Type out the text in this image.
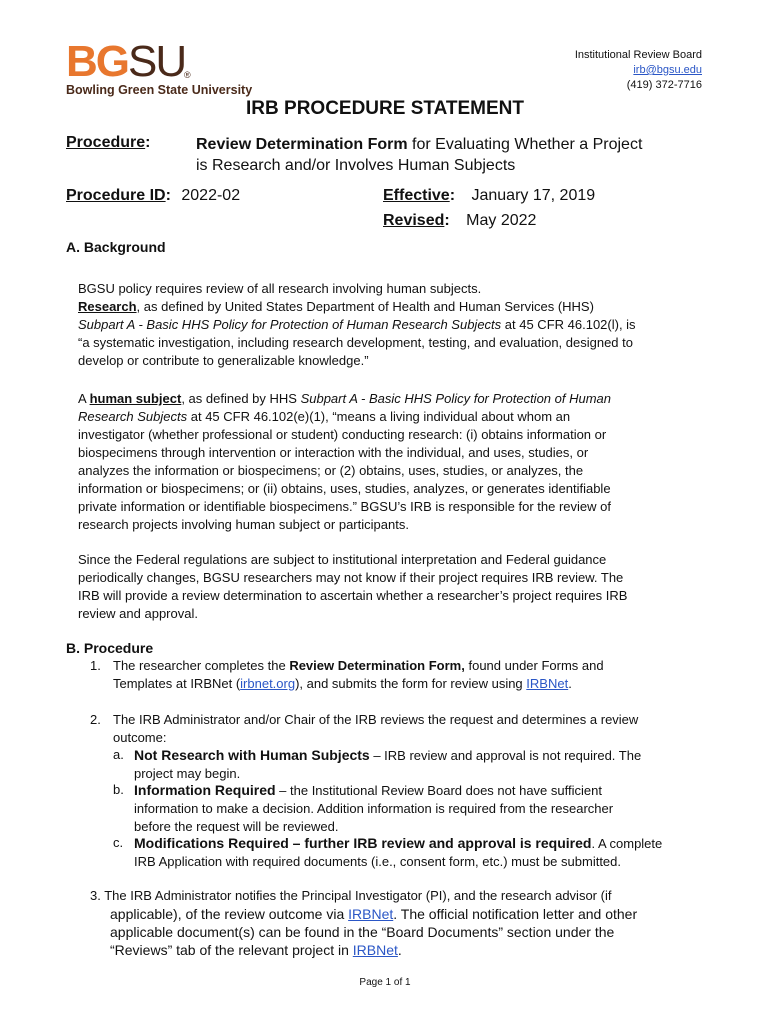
BGSU
®
Bowling Green State University
Institutional Review Board
irb@bgsu.edu
(419) 372-7716
IRB PROCEDURE STATEMENT
Procedure:	Review Determination Form for Evaluating Whether a Project
is Research and/or Involves Human Subjects
Procedure ID: 2022-02	Effective: January 17, 2019
Revised: May 2022
A. Background
BGSU policy requires review of all research involving human subjects.
Research, as defined by United States Department of Health and Human Services (HHS)
Subpart A - Basic HHS Policy for Protection of Human Research Subjects at 45 CFR 46.102(l), is
“a systematic investigation, including research development, testing, and evaluation, designed to
develop or contribute to generalizable knowledge.”
A human subject, as defined by HHS Subpart A - Basic HHS Policy for Protection of Human
Research Subjects at 45 CFR 46.102(e)(1), “means a living individual about whom an
investigator (whether professional or student) conducting research: (i) obtains information or
biospecimens through intervention or interaction with the individual, and uses, studies, or
analyzes the information or biospecimens; or (2) obtains, uses, studies, or analyzes, the
information or biospecimens; or (ii) obtains, uses, studies, analyzes, or generates identifiable
private information or identifiable biospecimens.” BGSU’s IRB is responsible for the review of
research projects involving human subject or participants.
Since the Federal regulations are subject to institutional interpretation and Federal guidance
periodically changes, BGSU researchers may not know if their project requires IRB review. The
IRB will provide a review determination to ascertain whether a researcher’s project requires IRB
review and approval.
B. Procedure
1. The researcher completes the Review Determination Form, found under Forms and
Templates at IRBNet (irbnet.org), and submits the form for review using IRBNet.
2. The IRB Administrator and/or Chair of the IRB reviews the request and determines a review
outcome:
a. Not Research with Human Subjects – IRB review and approval is not required. The
project may begin.
b. Information Required – the Institutional Review Board does not have sufficient
information to make a decision. Addition information is required from the researcher
before the request will be reviewed.
c. Modifications Required – further IRB review and approval is required. A complete
IRB Application with required documents (i.e., consent form, etc.) must be submitted.
3. The IRB Administrator notifies the Principal Investigator (PI), and the research advisor (if
applicable), of the review outcome via IRBNet. The official notification letter and other
applicable document(s) can be found in the “Board Documents” section under the
“Reviews” tab of the relevant project in IRBNet.
Page 1 of 1
